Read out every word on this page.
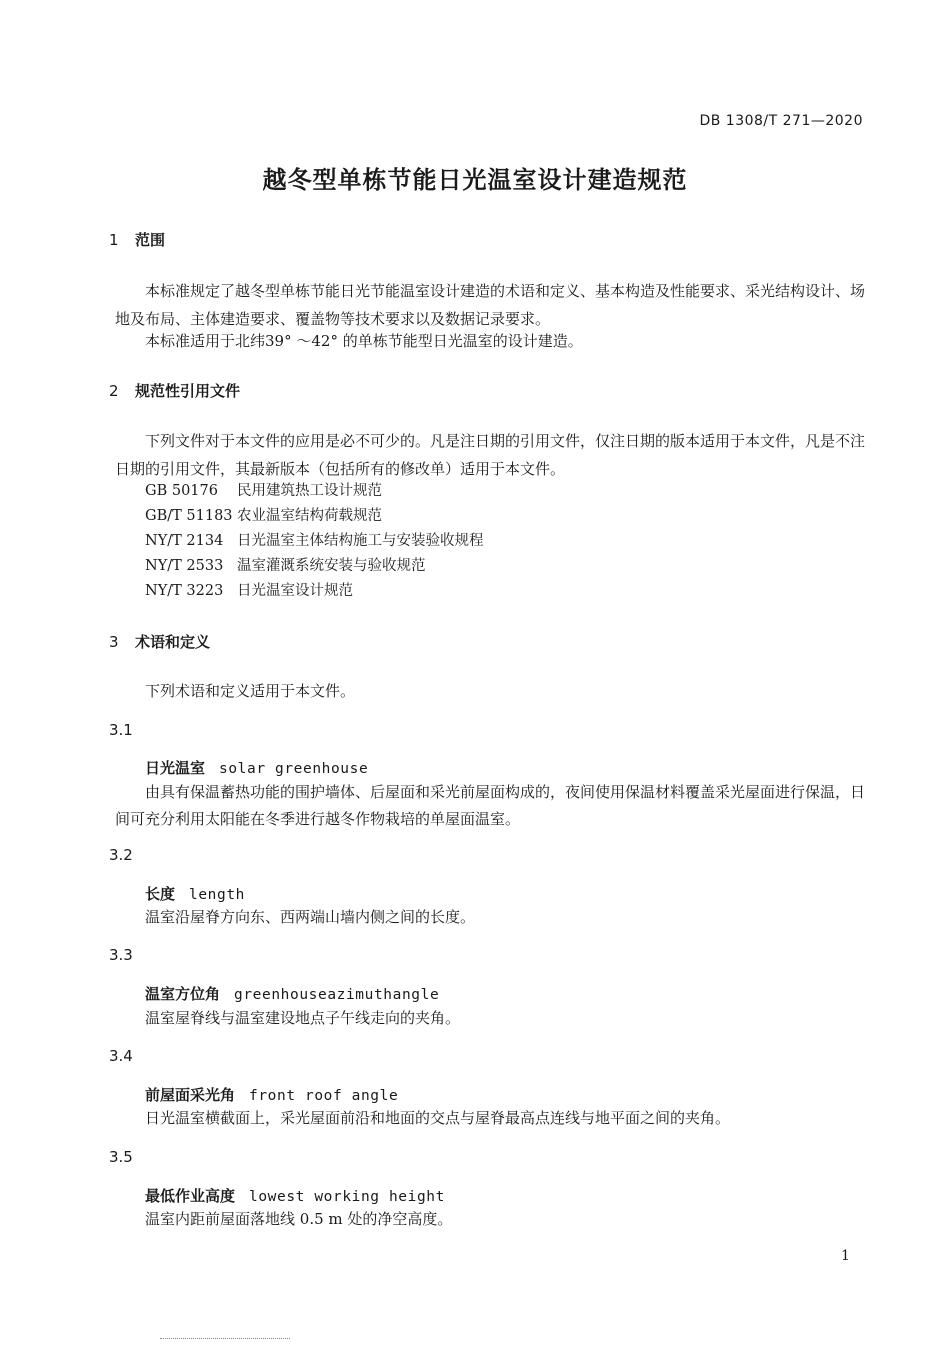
DB 1308/T 271—2020
越冬型单栋节能日光温室设计建造规范
1 范围
本标准规定了越冬型单栋节能日光节能温室设计建造的术语和定义、基本构造及性能要求、采光结构设计、场地及布局、主体建造要求、覆盖物等技术要求以及数据记录要求。
本标准适用于北纬39° ～42° 的单栋节能型日光温室的设计建造。
2 规范性引用文件
下列文件对于本文件的应用是必不可少的。凡是注日期的引用文件，仅注日期的版本适用于本文件，凡是不注日期的引用文件，其最新版本（包括所有的修改单）适用于本文件。
GB 50176 民用建筑热工设计规范
GB/T 51183 农业温室结构荷载规范
NY/T 2134 日光温室主体结构施工与安装验收规程
NY/T 2533 温室灌溉系统安装与验收规范
NY/T 3223 日光温室设计规范
3 术语和定义
下列术语和定义适用于本文件。
3.1
日光温室 solar greenhouse
由具有保温蓄热功能的围护墙体、后屋面和采光前屋面构成的，夜间使用保温材料覆盖采光屋面进行保温，日间可充分利用太阳能在冬季进行越冬作物栽培的单屋面温室。
3.2
长度 length
温室沿屋脊方向东、西两端山墙内侧之间的长度。
3.3
温室方位角 greenhouseazimuthangle
温室屋脊线与温室建设地点子午线走向的夹角。
3.4
前屋面采光角 front roof angle
日光温室横截面上，采光屋面前沿和地面的交点与屋脊最高点连线与地平面之间的夹角。
3.5
最低作业高度 lowest working height
温室内距前屋面落地线 0.5 m 处的净空高度。
1
